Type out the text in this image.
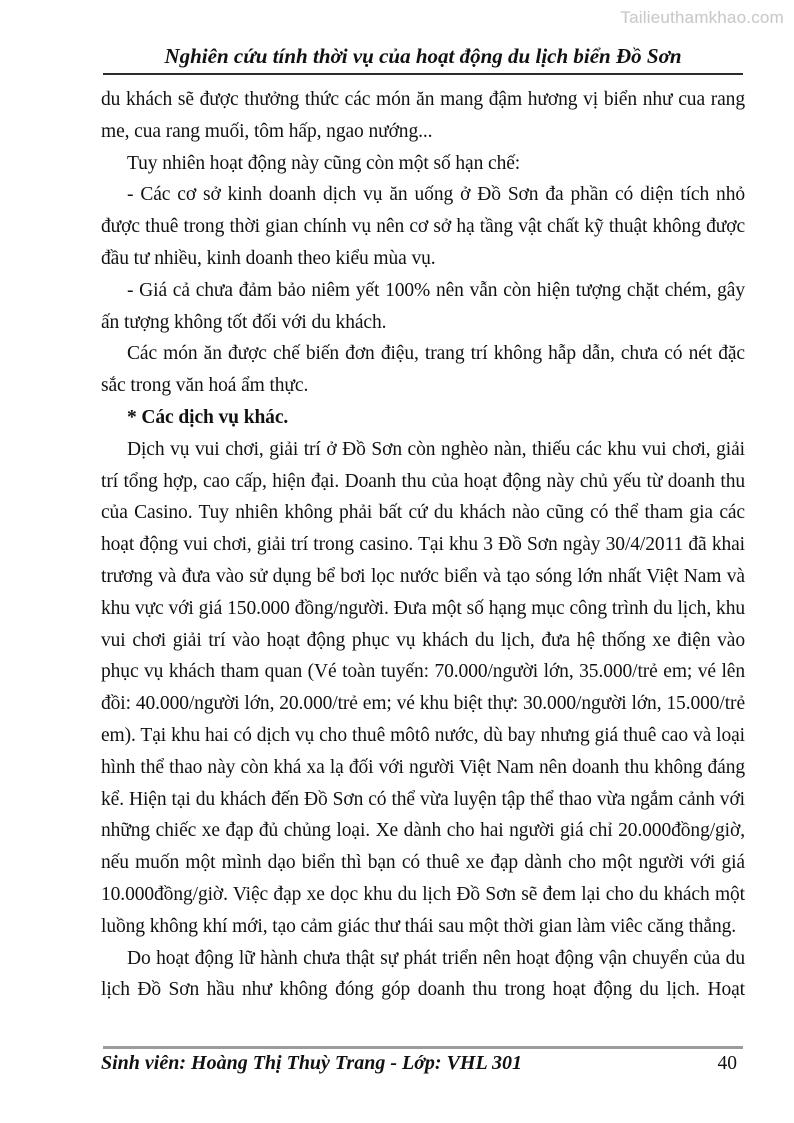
Tailieuthamkhao.com
Nghiên cứu tính thời vụ của hoạt động du lịch biển Đồ Sơn
du khách sẽ được thưởng thức các món ăn mang đậm hương vị biển như cua rang
me, cua rang muối, tôm hấp, ngao nướng...
Tuy nhiên hoạt động này cũng còn một số hạn chế:
- Các cơ sở kinh doanh dịch vụ ăn uống ở Đồ Sơn đa phần có diện tích nhỏ
được thuê trong thời gian chính vụ nên cơ sở hạ tầng vật chất kỹ thuật không được
đầu tư nhiều, kinh doanh theo kiểu mùa vụ.
- Giá cả chưa đảm bảo niêm yết 100% nên vẫn còn hiện tượng chặt chém, gây
ấn tượng không tốt đối với du khách.
Các món ăn được chế biến đơn điệu, trang trí không hẫp dẫn, chưa có nét đặc
sắc trong văn hoá ẩm thực.
* Các dịch vụ khác.
Dịch vụ vui chơi, giải trí ở Đồ Sơn còn nghèo nàn, thiếu các khu vui chơi, giải
trí tổng hợp, cao cấp, hiện đại. Doanh thu của hoạt động này chủ yếu từ doanh thu
của Casino. Tuy nhiên không phải bất cứ du khách nào cũng có thể tham gia các
hoạt động vui chơi, giải trí trong casino. Tại khu 3 Đồ Sơn ngày 30/4/2011 đã khai
trương và đưa vào sử dụng bể bơi lọc nước biển và tạo sóng lớn nhất Việt Nam và
khu vực với giá 150.000 đồng/người. Đưa một số hạng mục công trình du lịch, khu
vui chơi giải trí vào hoạt động phục vụ khách du lịch, đưa hệ thống xe điện vào
phục vụ khách tham quan (Vé toàn tuyến: 70.000/người lớn, 35.000/trẻ em; vé lên
đồi: 40.000/người lớn, 20.000/trẻ em; vé khu biệt thự: 30.000/người lớn, 15.000/trẻ
em). Tại khu hai có dịch vụ cho thuê môtô nước, dù bay nhưng giá thuê cao và loại
hình thể thao này còn khá xa lạ đối với người Việt Nam nên doanh thu không đáng
kể. Hiện tại du khách đến Đồ Sơn có thể vừa luyện tập thể thao vừa ngắm cảnh với
những chiếc xe đạp đủ chủng loại. Xe dành cho hai người giá chỉ 20.000đồng/giờ,
nếu muốn một mình dạo biển thì bạn có thuê xe đạp dành cho một người với giá
10.000đồng/giờ. Việc đạp xe dọc khu du lịch Đồ Sơn sẽ đem lại cho du khách một
luồng không khí mới, tạo cảm giác thư thái sau một thời gian làm viêc căng thẳng.
Do hoạt động lữ hành chưa thật sự phát triển nên hoạt động vận chuyển của du
lịch Đồ Sơn hầu như không đóng góp doanh thu trong hoạt động du lịch. Hoạt
Sinh viên: Hoàng Thị Thuỳ Trang - Lớp: VHL 301	40
